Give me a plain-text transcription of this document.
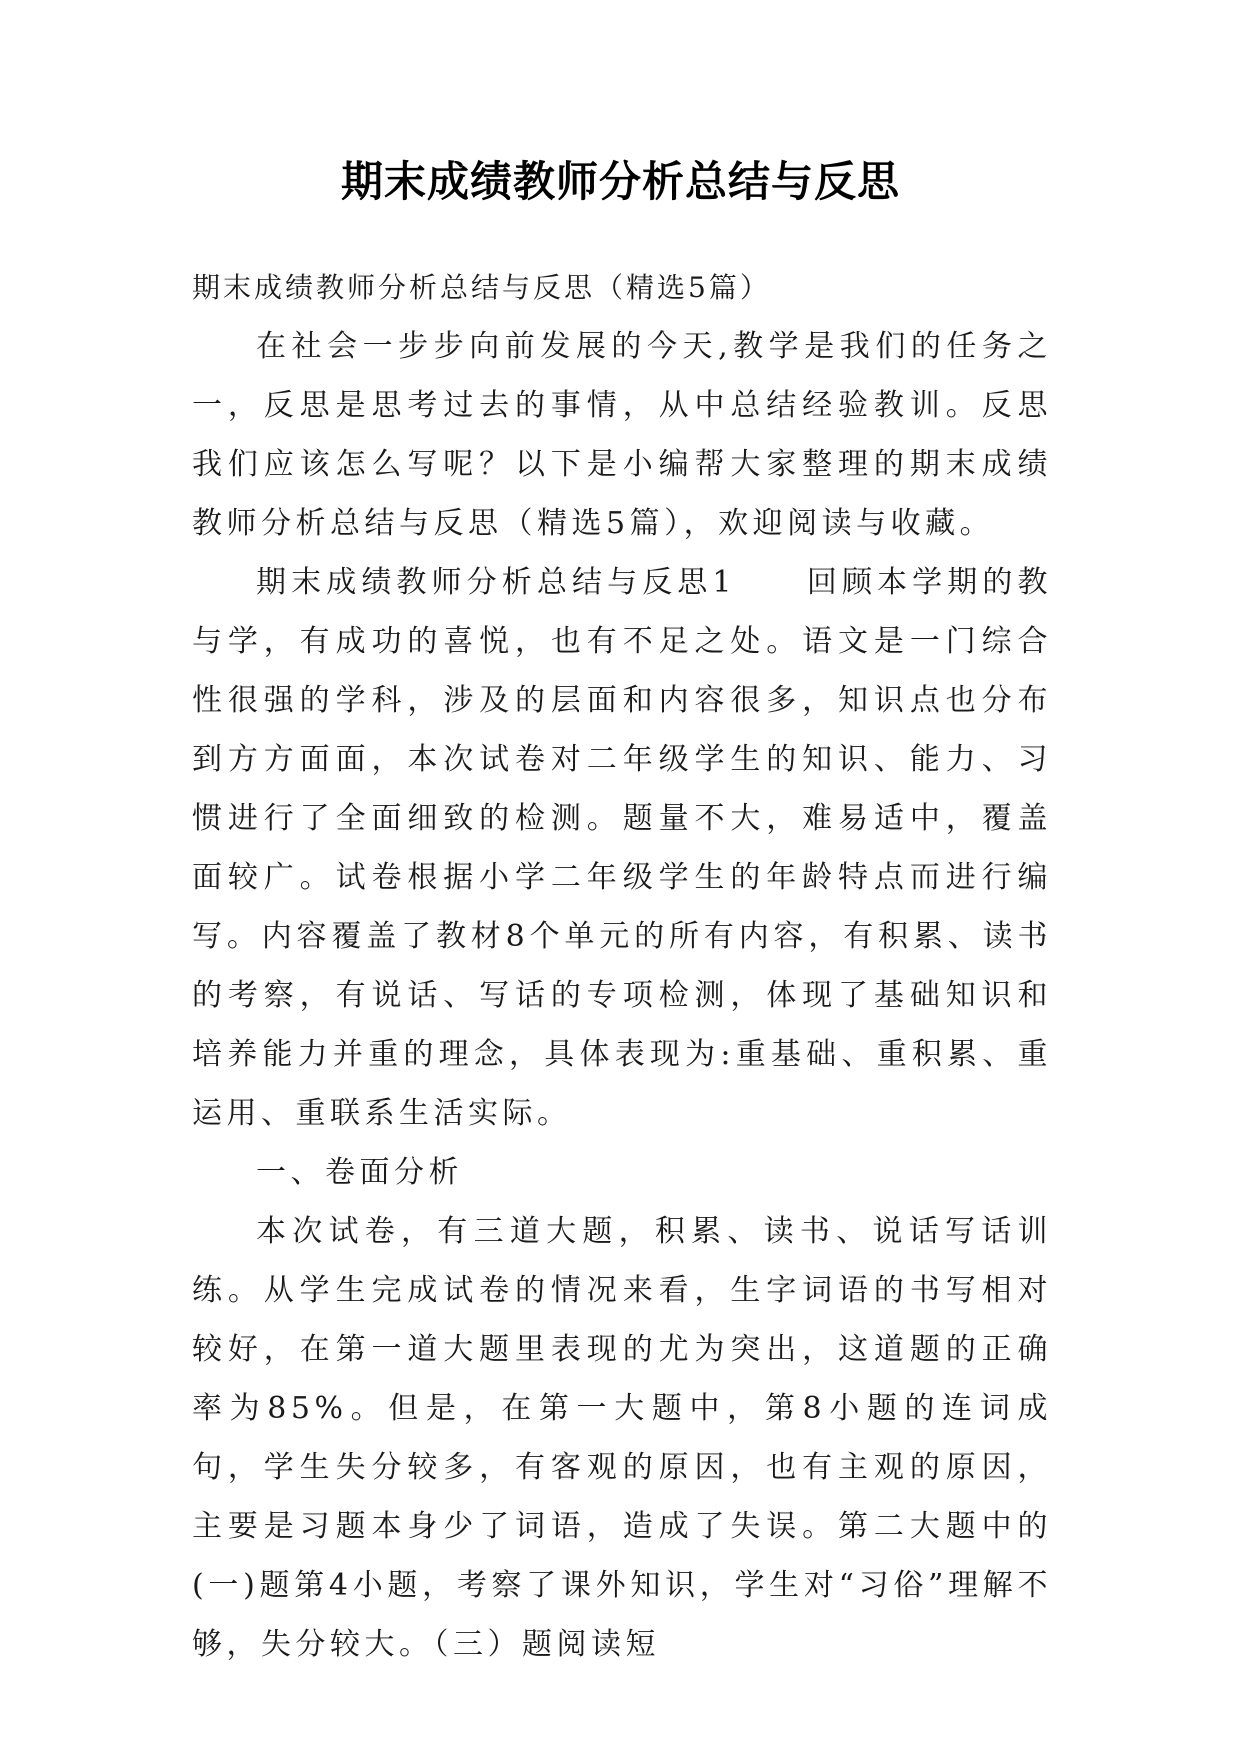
期末成绩教师分析总结与反思

期末成绩教师分析总结与反思（精选5篇）

在社会一步步向前发展的今天,教学是我们的任务之一，反思是思考过去的事情，从中总结经验教训。反思我们应该怎么写呢？以下是小编帮大家整理的期末成绩教师分析总结与反思（精选5篇），欢迎阅读与收藏。

期末成绩教师分析总结与反思1　　回顾本学期的教与学，有成功的喜悦，也有不足之处。语文是一门综合性很强的学科，涉及的层面和内容很多，知识点也分布到方方面面，本次试卷对二年级学生的知识、能力、习惯进行了全面细致的检测。题量不大，难易适中，覆盖面较广。试卷根据小学二年级学生的年龄特点而进行编写。内容覆盖了教材8个单元的所有内容，有积累、读书的考察，有说话、写话的专项检测，体现了基础知识和培养能力并重的理念，具体表现为:重基础、重积累、重运用、重联系生活实际。

一、卷面分析

本次试卷，有三道大题，积累、读书、说话写话训练。从学生完成试卷的情况来看，生字词语的书写相对较好，在第一道大题里表现的尤为突出，这道题的正确率为85%。但是，在第一大题中，第8小题的连词成句，学生失分较多，有客观的原因，也有主观的原因，主要是习题本身少了词语，造成了失误。第二大题中的(一)题第4小题，考察了课外知识，学生对“习俗”理解不够，失分较大。（三）题阅读短
